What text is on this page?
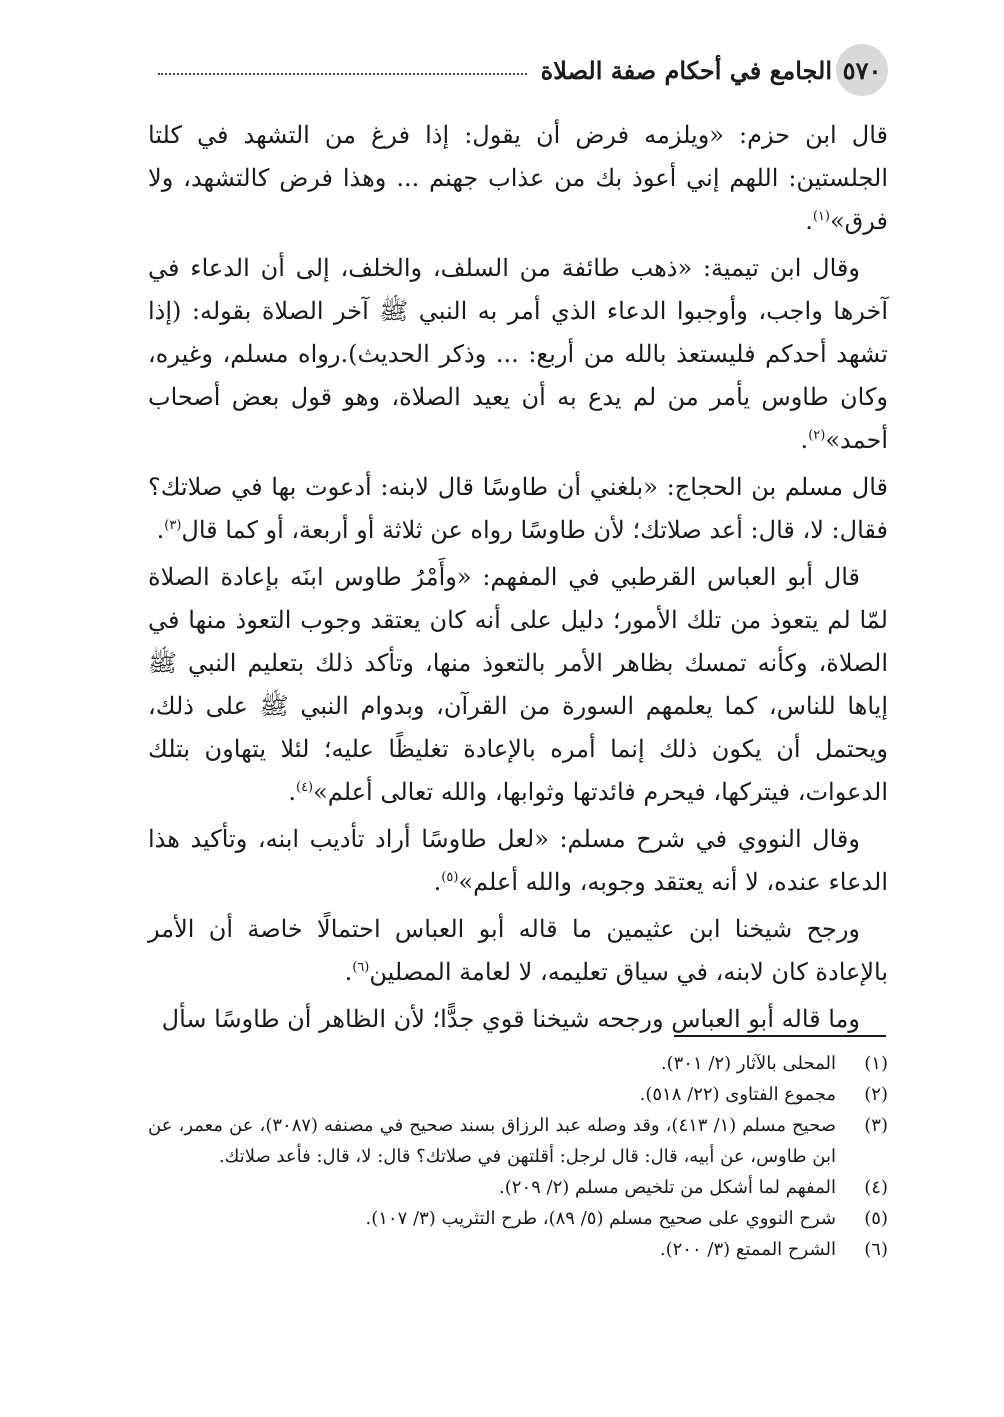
٥٧٠
الجامع في أحكام صفة الصلاة

قال ابن حزم: «ويلزمه فرض أن يقول: إذا فرغ من التشهد في كلتا الجلستين: اللهم إني أعوذ بك من عذاب جهنم ... وهذا فرض كالتشهد، ولا فرق»$^{(١)}$.

وقال ابن تيمية: «ذهب طائفة من السلف، والخلف، إلى أن الدعاء في آخرها واجب، وأوجبوا الدعاء الذي أمر به النبي ﷺ آخر الصلاة بقوله: (إذا تشهد أحدكم فليستعذ بالله من أربع: ... وذكر الحديث).رواه مسلم، وغيره، وكان طاوس يأمر من لم يدع به أن يعيد الصلاة، وهو قول بعض أصحاب أحمد»$^{(٢)}$.

قال مسلم بن الحجاج: «بلغني أن طاوسًا قال لابنه: أدعوت بها في صلاتك؟ فقال: لا، قال: أعد صلاتك؛ لأن طاوسًا رواه عن ثلاثة أو أربعة، أو كما قال$^{(٣)}$.

قال أبو العباس القرطبي في المفهم: «وأَمْرُ طاوس ابنَه بإعادة الصلاة لمّا لم يتعوذ من تلك الأمور؛ دليل على أنه كان يعتقد وجوب التعوذ منها في الصلاة، وكأنه تمسك بظاهر الأمر بالتعوذ منها، وتأكد ذلك بتعليم النبي ﷺ إياها للناس، كما يعلمهم السورة من القرآن، وبدوام النبي ﷺ على ذلك، ويحتمل أن يكون ذلك إنما أمره بالإعادة تغليظًا عليه؛ لئلا يتهاون بتلك الدعوات، فيتركها، فيحرم فائدتها وثوابها، والله تعالى أعلم»$^{(٤)}$.

وقال النووي في شرح مسلم: «لعل طاوسًا أراد تأديب ابنه، وتأكيد هذا الدعاء عنده، لا أنه يعتقد وجوبه، والله أعلم»$^{(٥)}$.

ورجح شيخنا ابن عثيمين ما قاله أبو العباس احتمالًا خاصة أن الأمر بالإعادة كان لابنه، في سياق تعليمه، لا لعامة المصلين$^{(٦)}$.

وما قاله أبو العباس ورجحه شيخنا قوي جدًّا؛ لأن الظاهر أن طاوسًا سأل

(١)
المحلى بالآثار (٢/ ٣٠١).
(٢)
مجموع الفتاوى (٢٢/ ٥١٨).
(٣)
صحيح مسلم (١/ ٤١٣)، وقد وصله عبد الرزاق بسند صحيح في مصنفه (٣٠٨٧)، عن معمر، عن ابن طاوس، عن أبيه، قال: قال لرجل: أقلتهن في صلاتك؟ قال: لا، قال: فأعد صلاتك.
(٤)
المفهم لما أشكل من تلخيص مسلم (٢/ ٢٠٩).
(٥)
شرح النووي على صحيح مسلم (٥/ ٨٩)، طرح التثريب (٣/ ١٠٧).
(٦)
الشرح الممتع (٣/ ٢٠٠).
